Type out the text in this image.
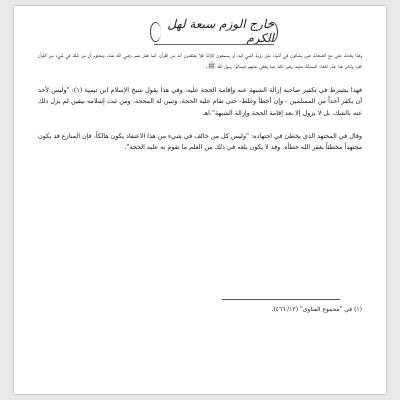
خارج الوزم سبعة لهل الكرم

وهذا يحدث حتى مع الصحابة حين يشكون في أشياء مثل رؤية النبي لله، أو يسمعون كلامًا فلا يعتقدون أنه من القرآن، كما فعل عمر رضي الله عنه. ومعلوم أن من شك في شيء من القرآن كفر؛ ولكن هذا عذر لخفاء المسألة عليه، وغير ذلك مما يخفى عليهم فيسألوا رسول الله ﷺ.

فهذا يشترط في تكفير صاحبه إزالة الشبهة عنه وإقامة الحجة عليه، وفي هذا يقول شيخ الإسلام ابن تيمية (١): "وليس لأحد أن يكفر أحداً من المسلمين - وإن أخطأ وغلط- حتى تقام عليه الحجة، وتبين له المحجة. ومن ثبت إسلامه بيقين لم يزل ذلك عنه بالشك، بل لا يزول إلا بعد إقامة الحجة وإزالة الشبهة".اهـ

وقال في المجتهد الذي يخطئ في اجتهاده: "وليس كل من خالف في شيء من هذا الاعتقاد يكون هالكاً، فإن المنازع قد يكون مجتهداً مخطئاً يغفر الله خطأه. وقد لا يكون بلغه في ذلك من العلم ما تقوم به عليه الحجة".

(١) في "مجموع الفتاوى" (١٢/ ٤٦٦).
